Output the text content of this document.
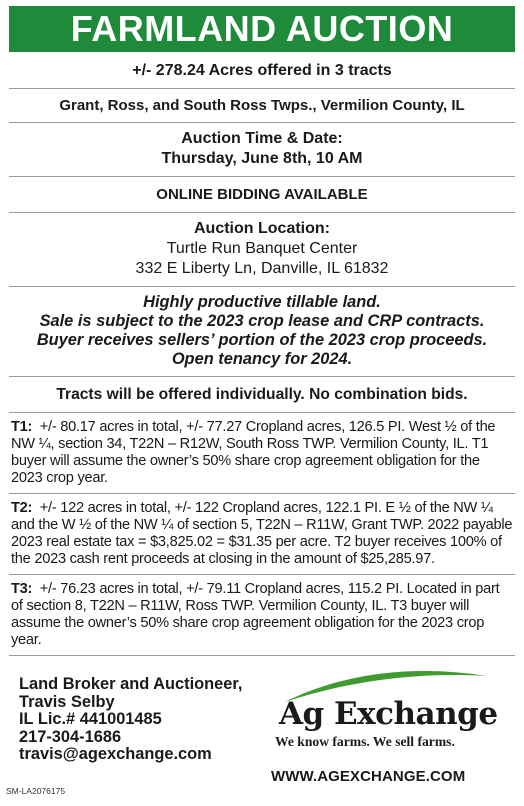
FARMLAND AUCTION
+/- 278.24 Acres offered in 3 tracts
Grant, Ross, and South Ross Twps., Vermilion County, IL
Auction Time & Date:
Thursday, June 8th, 10 AM
ONLINE BIDDING AVAILABLE
Auction Location:
Turtle Run Banquet Center
332 E Liberty Ln, Danville, IL 61832
Highly productive tillable land.
Sale is subject to the 2023 crop lease and CRP contracts.
Buyer receives sellers’ portion of the 2023 crop proceeds.
Open tenancy for 2024.
Tracts will be offered individually. No combination bids.
T1: +/- 80.17 acres in total, +/- 77.27 Cropland acres, 126.5 PI. West ½ of the NW ¼, section 34, T22N – R12W, South Ross TWP. Vermilion County, IL. T1 buyer will assume the owner’s 50% share crop agreement obligation for the 2023 crop year.
T2: +/- 122 acres in total, +/- 122 Cropland acres, 122.1 PI. E ½ of the NW ¼ and the W ½ of the NW ¼ of section 5, T22N – R11W, Grant TWP. 2022 payable 2023 real estate tax = $3,825.02 = $31.35 per acre. T2 buyer receives 100% of the 2023 cash rent proceeds at closing in the amount of $25,285.97.
T3: +/- 76.23 acres in total, +/- 79.11 Cropland acres, 115.2 PI. Located in part of section 8, T22N – R11W, Ross TWP. Vermilion County, IL. T3 buyer will assume the owner’s 50% share crop agreement obligation for the 2023 crop year.
Land Broker and Auctioneer,
Travis Selby
IL Lic.# 441001485
217-304-1686
travis@agexchange.com
Ag Exchange
We know farms. We sell farms.
WWW.AGEXCHANGE.COM
SM-LA2076175
